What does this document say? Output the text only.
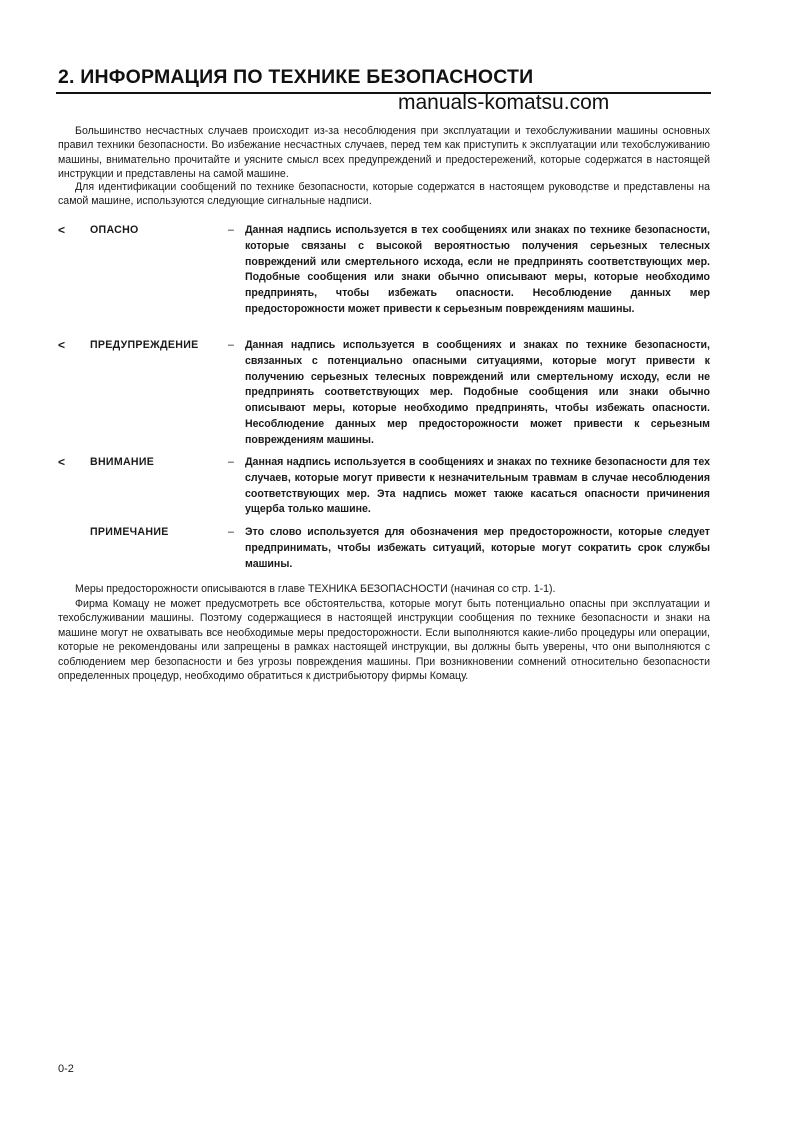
2. ИНФОРМАЦИЯ ПО ТЕХНИКЕ БЕЗОПАСНОСТИ
manuals-komatsu.com

Большинство несчастных случаев происходит из-за несоблюдения при эксплуатации и техобслуживании машины основных правил техники безопасности. Во избежание несчастных случаев, перед тем как приступить к эксплуатации или техобслуживанию машины, внимательно прочитайте и уясните смысл всех предупреждений и предостережений, которые содержатся в настоящей инструкции и представлены на самой машине.

Для идентификации сообщений по технике безопасности, которые содержатся в настоящем руководстве и представлены на самой машине, используются следующие сигнальные надписи.

< ОПАСНО	– Данная надпись используется в тех сообщениях или знаках по технике безопасности, которые связаны с высокой вероятностью получения серьезных телесных повреждений или смертельного исхода, если не предпринять соответствующих мер. Подобные сообщения или знаки обычно описывают меры, которые необходимо предпринять, чтобы избежать опасности. Несоблюдение данных мер предосторожности может привести к серьезным повреждениям машины.

< ПРЕДУПРЕЖДЕНИЕ	– Данная надпись используется в сообщениях и знаках по технике безопасности, связанных с потенциально опасными ситуациями, которые могут привести к получению серьезных телесных повреждений или смертельному исходу, если не предпринять соответствующих мер. Подобные сообщения или знаки обычно описывают меры, которые необходимо предпринять, чтобы избежать опасности. Несоблюдение данных мер предосторожности может привести к серьезным повреждениям машины.

< ВНИМАНИЕ	– Данная надпись используется в сообщениях и знаках по технике безопасности для тех случаев, которые могут привести к незначительным травмам в случае несоблюдения соответствующих мер. Эта надпись может также касаться опасности причинения ущерба только машине.

ПРИМЕЧАНИЕ	– Это слово используется для обозначения мер предосторожности, которые следует предпринимать, чтобы избежать ситуаций, которые могут сократить срок службы машины.

Меры предосторожности описываются в главе ТЕХНИКА БЕЗОПАСНОСТИ (начиная со стр. 1-1).

Фирма Комацу не может предусмотреть все обстоятельства, которые могут быть потенциально опасны при эксплуатации и техобслуживании машины. Поэтому содержащиеся в настоящей инструкции сообщения по технике безопасности и знаки на машине могут не охватывать все необходимые меры предосторожности. Если выполняются какие-либо процедуры или операции, которые не рекомендованы или запрещены в рамках настоящей инструкции, вы должны быть уверены, что они выполняются с соблюдением мер безопасности и без угрозы повреждения машины. При возникновении сомнений относительно безопасности определенных процедур, необходимо обратиться к дистрибьютору фирмы Комацу.

0-2
